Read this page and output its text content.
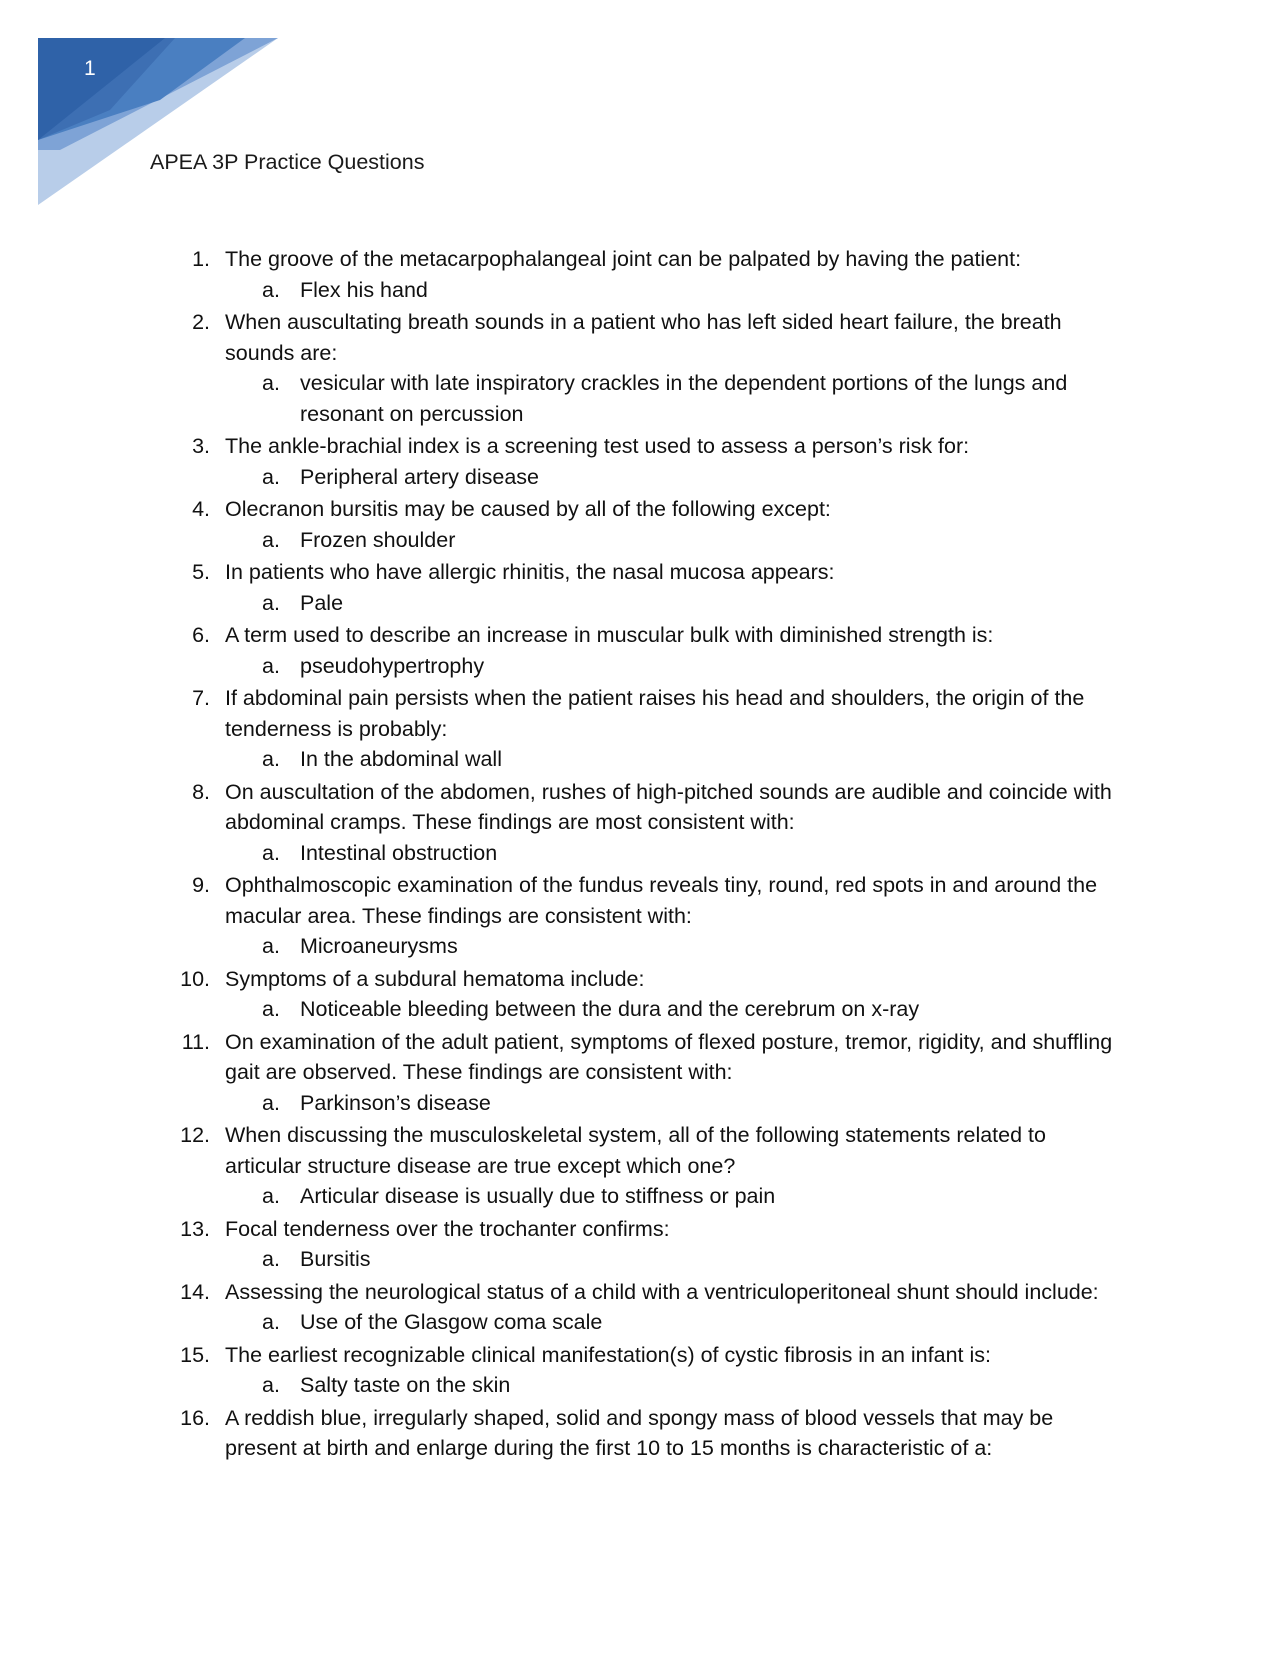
1
APEA 3P Practice Questions
1. The groove of the metacarpophalangeal joint can be palpated by having the patient:
a. Flex his hand
2. When auscultating breath sounds in a patient who has left sided heart failure, the breath sounds are:
a. vesicular with late inspiratory crackles in the dependent portions of the lungs and resonant on percussion
3. The ankle-brachial index is a screening test used to assess a person’s risk for:
a. Peripheral artery disease
4. Olecranon bursitis may be caused by all of the following except:
a. Frozen shoulder
5. In patients who have allergic rhinitis, the nasal mucosa appears:
a. Pale
6. A term used to describe an increase in muscular bulk with diminished strength is:
a. pseudohypertrophy
7. If abdominal pain persists when the patient raises his head and shoulders, the origin of the tenderness is probably:
a. In the abdominal wall
8. On auscultation of the abdomen, rushes of high-pitched sounds are audible and coincide with abdominal cramps. These findings are most consistent with:
a. Intestinal obstruction
9. Ophthalmoscopic examination of the fundus reveals tiny, round, red spots in and around the macular area. These findings are consistent with:
a. Microaneurysms
10. Symptoms of a subdural hematoma include:
a. Noticeable bleeding between the dura and the cerebrum on x-ray
11. On examination of the adult patient, symptoms of flexed posture, tremor, rigidity, and shuffling gait are observed. These findings are consistent with:
a. Parkinson’s disease
12. When discussing the musculoskeletal system, all of the following statements related to articular structure disease are true except which one?
a. Articular disease is usually due to stiffness or pain
13. Focal tenderness over the trochanter confirms:
a. Bursitis
14. Assessing the neurological status of a child with a ventriculoperitoneal shunt should include:
a. Use of the Glasgow coma scale
15. The earliest recognizable clinical manifestation(s) of cystic fibrosis in an infant is:
a. Salty taste on the skin
16. A reddish blue, irregularly shaped, solid and spongy mass of blood vessels that may be present at birth and enlarge during the first 10 to 15 months is characteristic of a:
